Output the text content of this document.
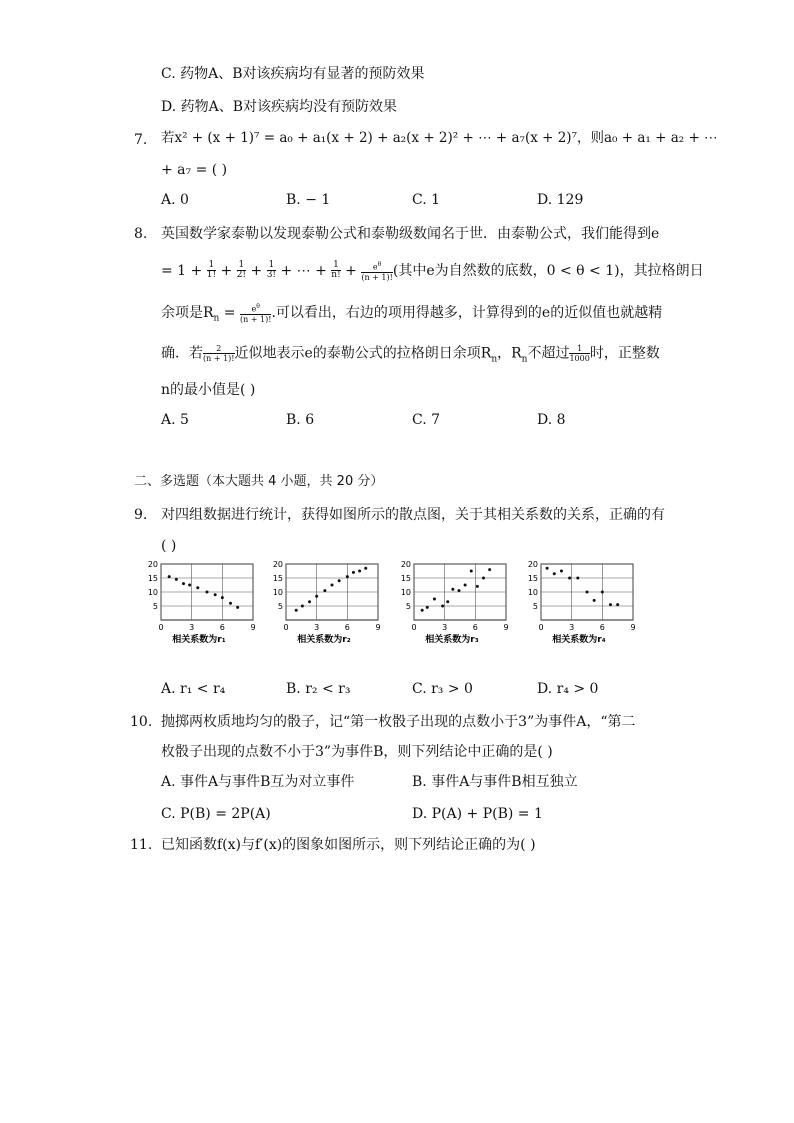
C. 药物A、B对该疾病均有显著的预防效果
D. 药物A、B对该疾病均没有预防效果
7. 若x² + (x + 1)⁷ = a₀ + a₁(x + 2) + a₂(x + 2)² + ⋯ + a₇(x + 2)⁷，则a₀ + a₁ + a₂ + ⋯
+ a₇ = ( )
A. 0	B. − 1	C. 1	D. 129
8. 英国数学家泰勒以发现泰勒公式和泰勒级数闻名于世．由泰勒公式，我们能得到e
= $1 + \frac{1}{1!} + \frac{1}{2!} + \frac{1}{3!}$ + ⋯ + $\frac{1}{n!} + \frac{e^\theta}{(n + 1)!}$ (其中e为自然数的底数，0 < θ < 1)，其拉格朗日
余项是$R_n = \frac{e^\theta}{(n + 1)!}$ .可以看出，右边的项用得越多，计算得到的e的近似值也就越精
确．若 $\frac{2}{(n + 1)!}$ 近似地表示e的泰勒公式的拉格朗日余项$R_n$，$R_n$不超过 $\frac{1}{1000}$ 时，正整数
n的最小值是( )
A. 5	B. 6	C. 7	D. 8
二、多选题（本大题共 4 小题，共 20 分）
9. 对四组数据进行统计，获得如图所示的散点图，关于其相关系数的关系，正确的有
( )
5
10
15
20
0	3	6	9
相关系数为r₁
5
10
15
20
0	3	6	9
相关系数为r₂
5
10
15
20
0	3	6	9
相关系数为r₃
5
10
15
20
0	3	6	9
相关系数为r₄
A. r₁ < r₄	B. r₂ < r₃	C. r₃ > 0	D. r₄ > 0
10. 抛掷两枚质地均匀的骰子，记“第一枚骰子出现的点数小于3”为事件A，“第二
枚骰子出现的点数不小于3”为事件B，则下列结论中正确的是( )
A. 事件A与事件B互为对立事件	B. 事件A与事件B相互独立
C. P(B) = 2P(A)	D. P(A) + P(B) = 1
11. 已知函数f(x)与f′(x)的图象如图所示，则下列结论正确的为( )
